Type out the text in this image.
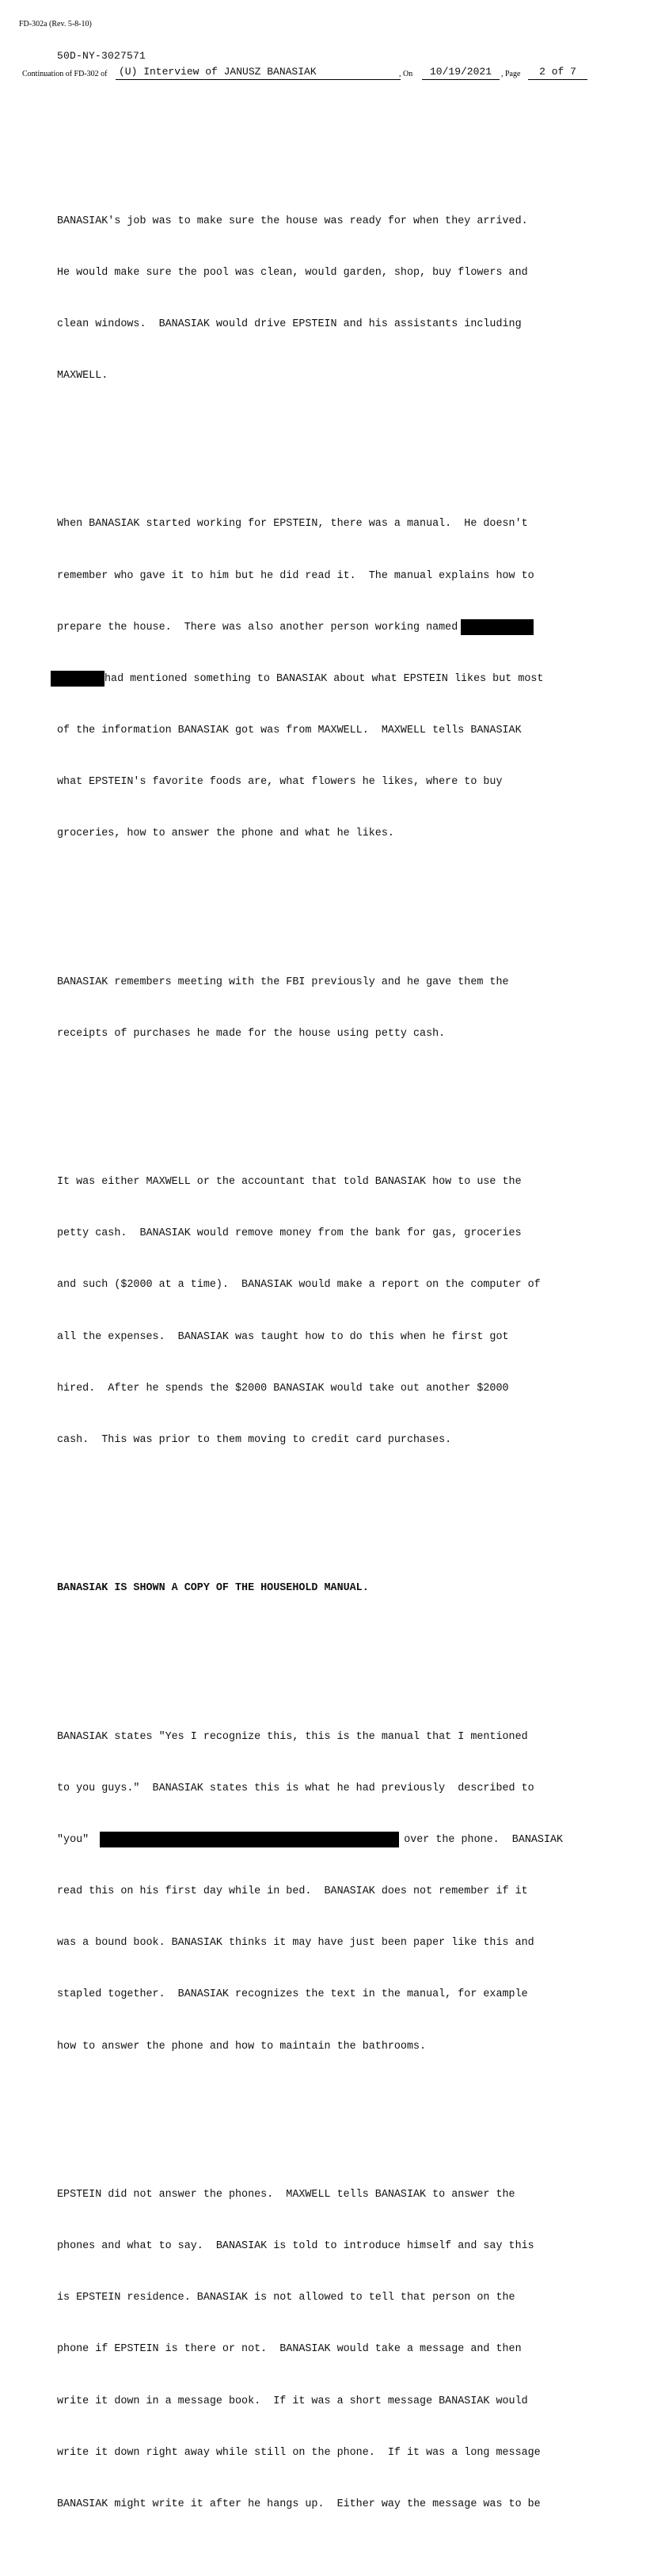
FD-302a (Rev. 5-8-10)
50D-NY-3027571
Continuation of FD-302 of	(U) Interview of JANUSZ BANASIAK	, On	10/19/2021	, Page	2 of 7

BANASIAK's job was to make sure the house was ready for when they arrived.

He would make sure the pool was clean, would garden, shop, buy flowers and

clean windows.  BANASIAK would drive EPSTEIN and his assistants including

MAXWELL.

When BANASIAK started working for EPSTEIN, there was a manual.  He doesn't

remember who gave it to him but he did read it.  The manual explains how to

prepare the house.  There was also another person working named

had mentioned something to BANASIAK about what EPSTEIN likes but most

of the information BANASIAK got was from MAXWELL.  MAXWELL tells BANASIAK

what EPSTEIN's favorite foods are, what flowers he likes, where to buy

groceries, how to answer the phone and what he likes.

BANASIAK remembers meeting with the FBI previously and he gave them the

receipts of purchases he made for the house using petty cash.

It was either MAXWELL or the accountant that told BANASIAK how to use the

petty cash.  BANASIAK would remove money from the bank for gas, groceries

and such ($2000 at a time).  BANASIAK would make a report on the computer of

all the expenses.  BANASIAK was taught how to do this when he first got

hired.  After he spends the $2000 BANASIAK would take out another $2000

cash.  This was prior to them moving to credit card purchases.

BANASIAK IS SHOWN A COPY OF THE HOUSEHOLD MANUAL.

BANASIAK states "Yes I recognize this, this is the manual that I mentioned

to you guys."  BANASIAK states this is what he had previously  described to

"you"	over the phone.  BANASIAK

read this on his first day while in bed.  BANASIAK does not remember if it

was a bound book. BANASIAK thinks it may have just been paper like this and

stapled together.  BANASIAK recognizes the text in the manual, for example

how to answer the phone and how to maintain the bathrooms.

EPSTEIN did not answer the phones.  MAXWELL tells BANASIAK to answer the

phones and what to say.  BANASIAK is told to introduce himself and say this

is EPSTEIN residence. BANASIAK is not allowed to tell that person on the

phone if EPSTEIN is there or not.  BANASIAK would take a message and then

write it down in a message book.  If it was a short message BANASIAK would

write it down right away while still on the phone.  If it was a long message

BANASIAK might write it after he hangs up.  Either way the message was to be
